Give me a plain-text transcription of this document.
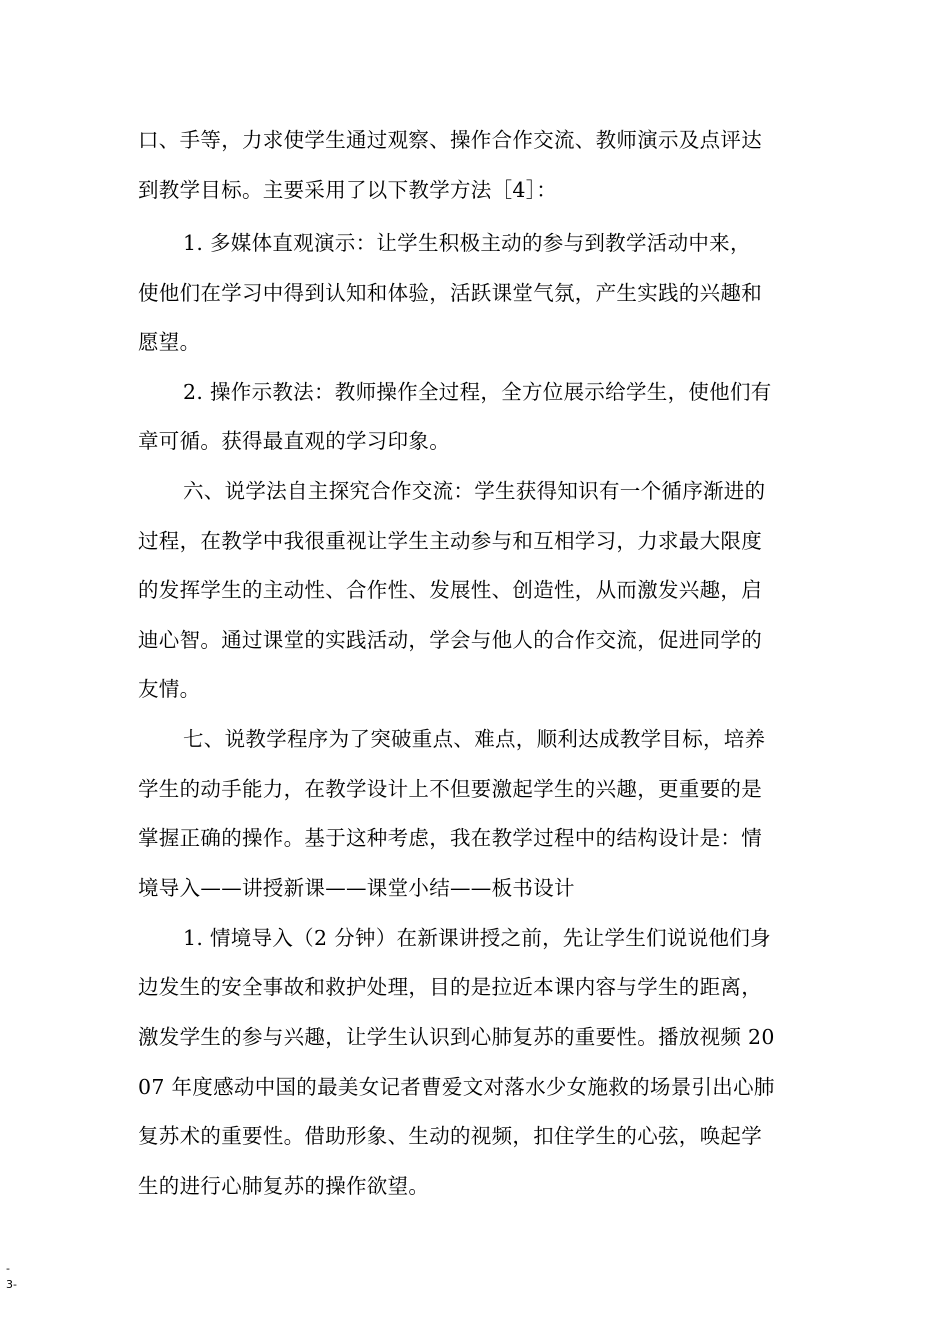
口、手等，力求使学生通过观察、操作合作交流、教师演示及点评达
到教学目标。主要采用了以下教学方法［4］：
1. 多媒体直观演示：让学生积极主动的参与到教学活动中来，
使他们在学习中得到认知和体验，活跃课堂气氛，产生实践的兴趣和
愿望。
2. 操作示教法：教师操作全过程，全方位展示给学生，使他们有
章可循。获得最直观的学习印象。
六、说学法自主探究合作交流：学生获得知识有一个循序渐进的
过程，在教学中我很重视让学生主动参与和互相学习，力求最大限度
的发挥学生的主动性、合作性、发展性、创造性，从而激发兴趣，启
迪心智。通过课堂的实践活动，学会与他人的合作交流，促进同学的
友情。
七、说教学程序为了突破重点、难点，顺利达成教学目标，培养
学生的动手能力，在教学设计上不但要激起学生的兴趣，更重要的是
掌握正确的操作。基于这种考虑，我在教学过程中的结构设计是：情
境导入——讲授新课——课堂小结——板书设计
1. 情境导入（2 分钟）在新课讲授之前，先让学生们说说他们身
边发生的安全事故和救护处理，目的是拉近本课内容与学生的距离，
激发学生的参与兴趣，让学生认识到心肺复苏的重要性。播放视频 20
07 年度感动中国的最美女记者曹爱文对落水少女施救的场景引出心肺
复苏术的重要性。借助形象、生动的视频，扣住学生的心弦，唤起学
生的进行心肺复苏的操作欲望。
-
3-
